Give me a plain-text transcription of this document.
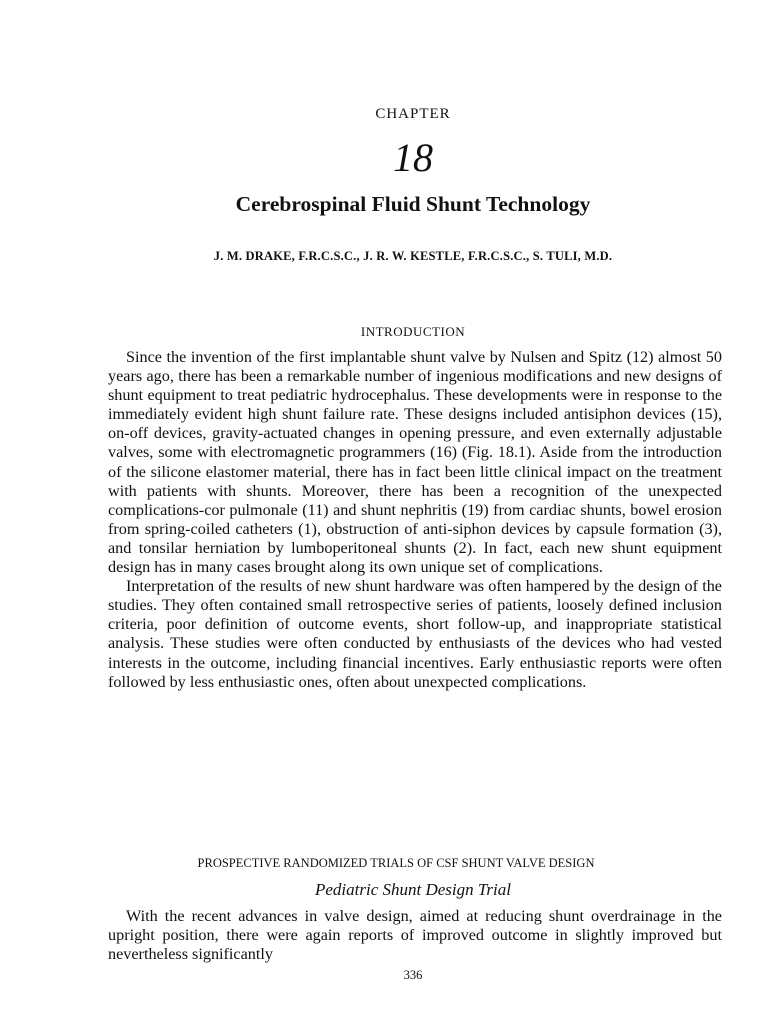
CHAPTER
18
Cerebrospinal Fluid Shunt Technology
J. M. DRAKE, F.R.C.S.C., J. R. W. KESTLE, F.R.C.S.C., S. TULI, M.D.
INTRODUCTION

Since the invention of the first implantable shunt valve by Nulsen and Spitz (12) almost 50 years ago, there has been a remarkable number of ingenious modifications and new designs of shunt equipment to treat pediatric hydrocephalus. These developments were in response to the immediately evident high shunt failure rate. These designs included antisiphon devices (15), on-off devices, gravity-actuated changes in opening pressure, and even externally adjustable valves, some with electromagnetic programmers (16) (Fig. 18.1). Aside from the introduction of the silicone elastomer material, there has in fact been little clinical impact on the treatment with patients with shunts. Moreover, there has been a recognition of the unexpected complications-cor pulmonale (11) and shunt nephritis (19) from cardiac shunts, bowel erosion from spring-coiled catheters (1), obstruction of anti-siphon devices by capsule formation (3), and tonsilar herniation by lumboperitoneal shunts (2). In fact, each new shunt equipment design has in many cases brought along its own unique set of complications.

Interpretation of the results of new shunt hardware was often hampered by the design of the studies. They often contained small retrospective series of patients, loosely defined inclusion criteria, poor definition of outcome events, short follow-up, and inappropriate statistical analysis. These studies were often conducted by enthusiasts of the devices who had vested interests in the outcome, including financial incentives. Early enthusiastic reports were often followed by less enthusiastic ones, often about unexpected complications.

PROSPECTIVE RANDOMIZED TRIALS OF CSF SHUNT VALVE DESIGN
Pediatric Shunt Design Trial

With the recent advances in valve design, aimed at reducing shunt overdrainage in the upright position, there were again reports of improved outcome in slightly improved but nevertheless significantly

336
